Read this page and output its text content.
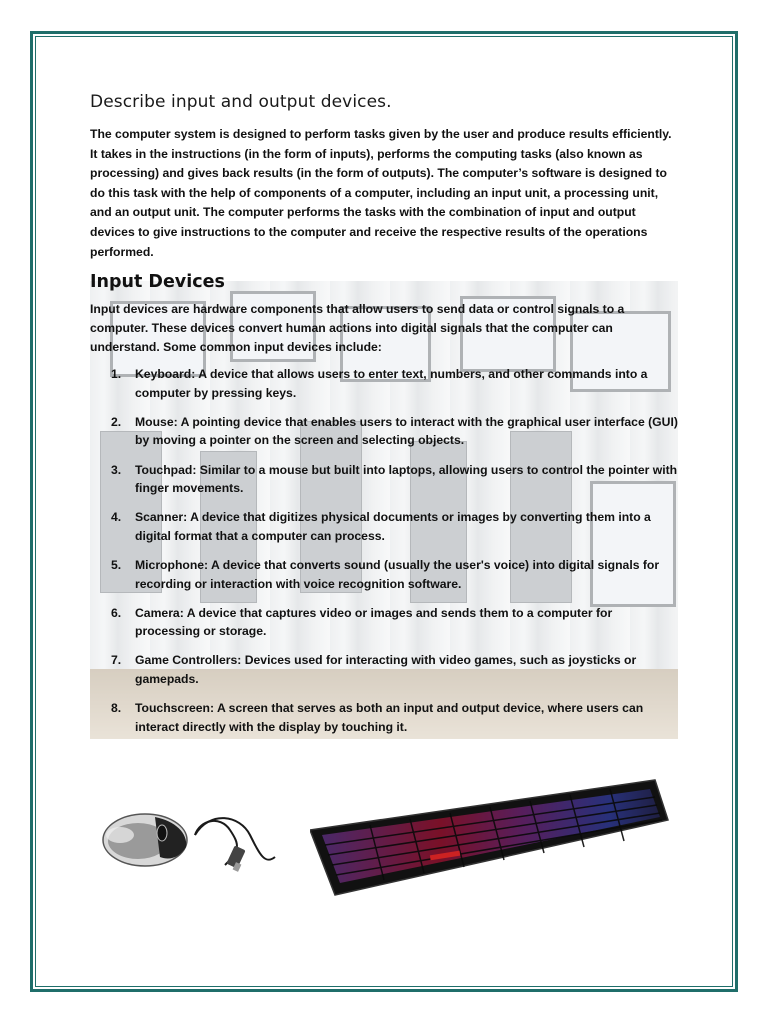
Describe input and output devices.

The computer system is designed to perform tasks given by the user and produce results efficiently. It takes in the instructions (in the form of inputs), performs the computing tasks (also known as processing) and gives back results (in the form of outputs). The computer’s software is designed to do this task with the help of components of a computer, including an input unit, a processing unit, and an output unit. The computer performs the tasks with the combination of input and output devices to give instructions to the computer and receive the respective results of the operations performed.

Input Devices

Input devices are hardware components that allow users to send data or control signals to a computer. These devices convert human actions into digital signals that the computer can understand. Some common input devices include:

1. Keyboard: A device that allows users to enter text, numbers, and other commands into a computer by pressing keys.
2. Mouse: A pointing device that enables users to interact with the graphical user interface (GUI) by moving a pointer on the screen and selecting objects.
3. Touchpad: Similar to a mouse but built into laptops, allowing users to control the pointer with finger movements.
4. Scanner: A device that digitizes physical documents or images by converting them into a digital format that a computer can process.
5. Microphone: A device that converts sound (usually the user's voice) into digital signals for recording or interaction with voice recognition software.
6. Camera: A device that captures video or images and sends them to a computer for processing or storage.
7. Game Controllers: Devices used for interacting with video games, such as joysticks or gamepads.
8. Touchscreen: A screen that serves as both an input and output device, where users can interact directly with the display by touching it.
